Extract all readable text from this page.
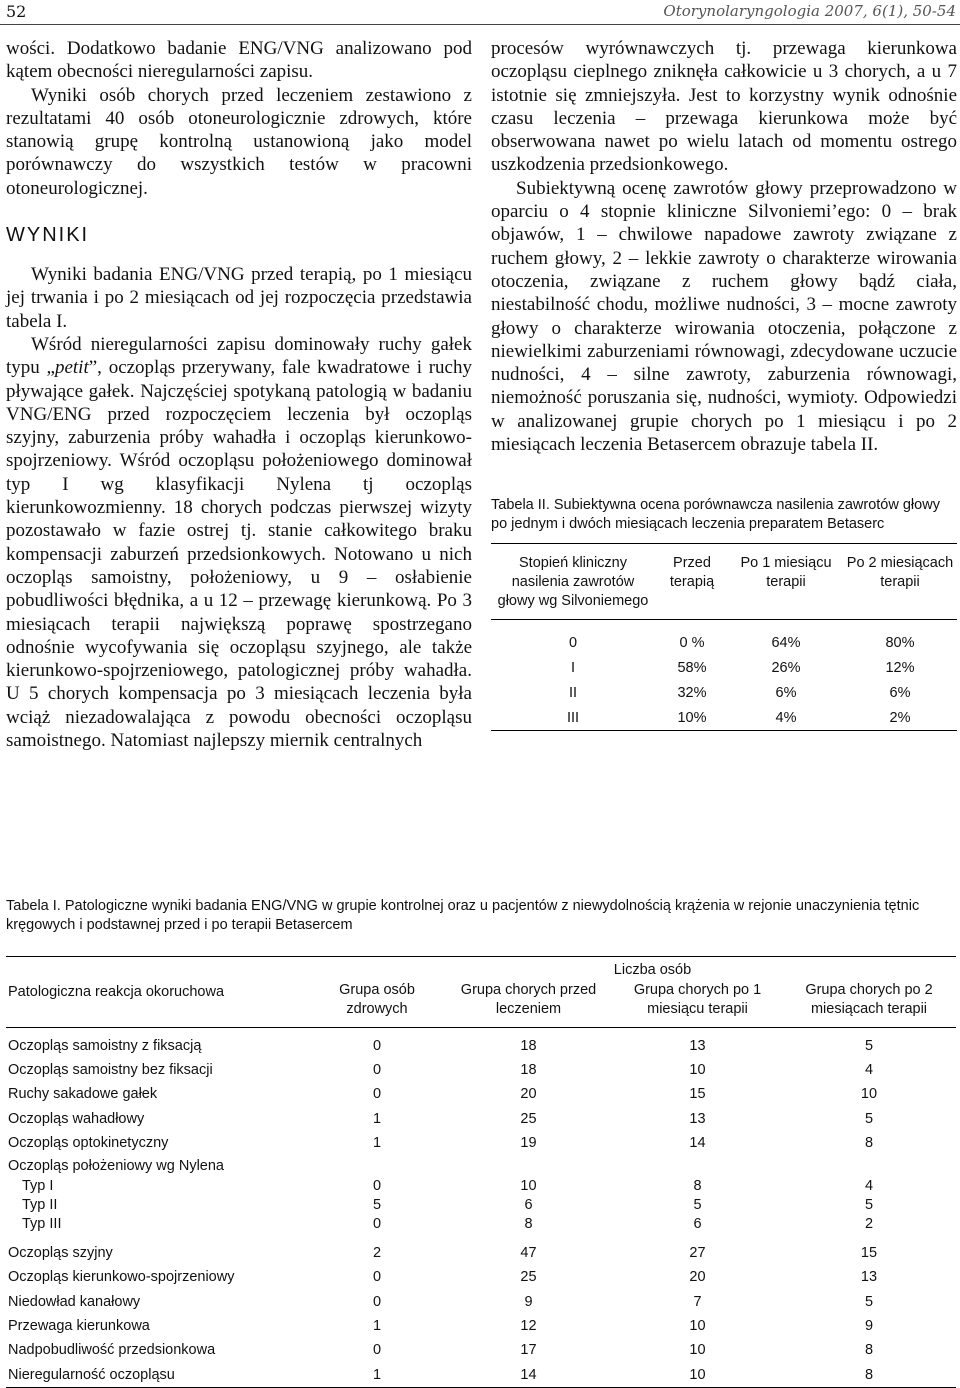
52	Otorynolaryngologia 2007, 6(1), 50-54

wości. Dodatkowo badanie ENG/VNG analizowano pod kątem obecności nieregularności zapisu.

Wyniki osób chorych przed leczeniem zestawiono z rezultatami 40 osób otoneurologicznie zdrowych, które stanowią grupę kontrolną ustanowioną jako model porównawczy do wszystkich testów w pracowni otoneurologicznej.

WYNIKI

Wyniki badania ENG/VNG przed terapią, po 1 miesiącu jej trwania i po 2 miesiącach od jej rozpoczęcia przedstawia tabela I.

Wśród nieregularności zapisu dominowały ruchy gałek typu „petit”, oczopląs przerywany, fale kwadratowe i ruchy pływające gałek. Najczęściej spotykaną patologią w badaniu VNG/ENG przed rozpoczęciem leczenia był oczopląs szyjny, zaburzenia próby wahadła i oczopląs kierunkowo-spojrzeniowy. Wśród oczopląsu położeniowego dominował typ I wg klasyfikacji Nylena tj oczopląs kierunkowozmienny. 18 chorych podczas pierwszej wizyty pozostawało w fazie ostrej tj. stanie całkowitego braku kompensacji zaburzeń przedsionkowych. Notowano u nich oczopląs samoistny, położeniowy, u 9 – osłabienie pobudliwości błędnika, a u 12 – przewagę kierunkową. Po 3 miesiącach terapii największą poprawę spostrzegano odnośnie wycofywania się oczopląsu szyjnego, ale także kierunkowo-spojrzeniowego, patologicznej próby wahadła. U 5 chorych kompensacja po 3 miesiącach leczenia była wciąż niezadowalająca z powodu obecności oczopląsu samoistnego. Natomiast najlepszy miernik centralnych

procesów wyrównawczych tj. przewaga kierunkowa oczopląsu cieplnego zniknęła całkowicie u 3 chorych, a u 7 istotnie się zmniejszyła. Jest to korzystny wynik odnośnie czasu leczenia – przewaga kierunkowa może być obserwowana nawet po wielu latach od momentu ostrego uszkodzenia przedsionkowego.

Subiektywną ocenę zawrotów głowy przeprowadzono w oparciu o 4 stopnie kliniczne Silvoniemi’ego: 0 – brak objawów, 1 – chwilowe napadowe zawroty związane z ruchem głowy, 2 – lekkie zawroty o charakterze wirowania otoczenia, związane z ruchem głowy bądź ciała, niestabilność chodu, możliwe nudności, 3 – mocne zawroty głowy o charakterze wirowania otoczenia, połączone z niewielkimi zaburzeniami równowagi, zdecydowane uczucie nudności, 4 – silne zawroty, zaburzenia równowagi, niemożność poruszania się, nudności, wymioty. Odpowiedzi w analizowanej grupie chorych po 1 miesiącu i po 2 miesiącach leczenia Betasercem obrazuje tabela II.

Tabela II. Subiektywna ocena porównawcza nasilenia zawrotów głowy po jednym i dwóch miesiącach leczenia preparatem Betaserc
Stopień kliniczny nasilenia zawrotów głowy wg Silvoniemego	Przed terapią	Po 1 miesiącu terapii	Po 2 miesiącach terapii
0	0 %	64%	80%
I	58%	26%	12%
II	32%	6%	6%
III	10%	4%	2%
Tabela I. Patologiczne wyniki badania ENG/VNG w grupie kontrolnej oraz u pacjentów z niewydolnością krążenia w rejonie unaczynienia tętnic kręgowych i podstawnej przed i po terapii Betasercem
Patologiczna reakcja okoruchowa	Liczba osób			
	Grupa osób zdrowych	Grupa chorych przed leczeniem	Grupa chorych po 1 miesiącu terapii	Grupa chorych po 2 miesiącach terapii
Oczopląs samoistny z fiksacją	0	18	13	5
Oczopląs samoistny bez fiksacji	0	18	10	4
Ruchy sakadowe gałek	0	20	15	10
Oczopląs wahadłowy	1	25	13	5
Oczopląs optokinetyczny	1	19	14	8
Oczopląs położeniowy wg Nylena				
Typ I	0	10	8	4
Typ II	5	6	5	5
Typ III	0	8	6	2
Oczopląs szyjny	2	47	27	15
Oczopląs kierunkowo-spojrzeniowy	0	25	20	13
Niedowład kanałowy	0	9	7	5
Przewaga kierunkowa	1	12	10	9
Nadpobudliwość przedsionkowa	0	17	10	8
Nieregularność oczopląsu	1	14	10	8
